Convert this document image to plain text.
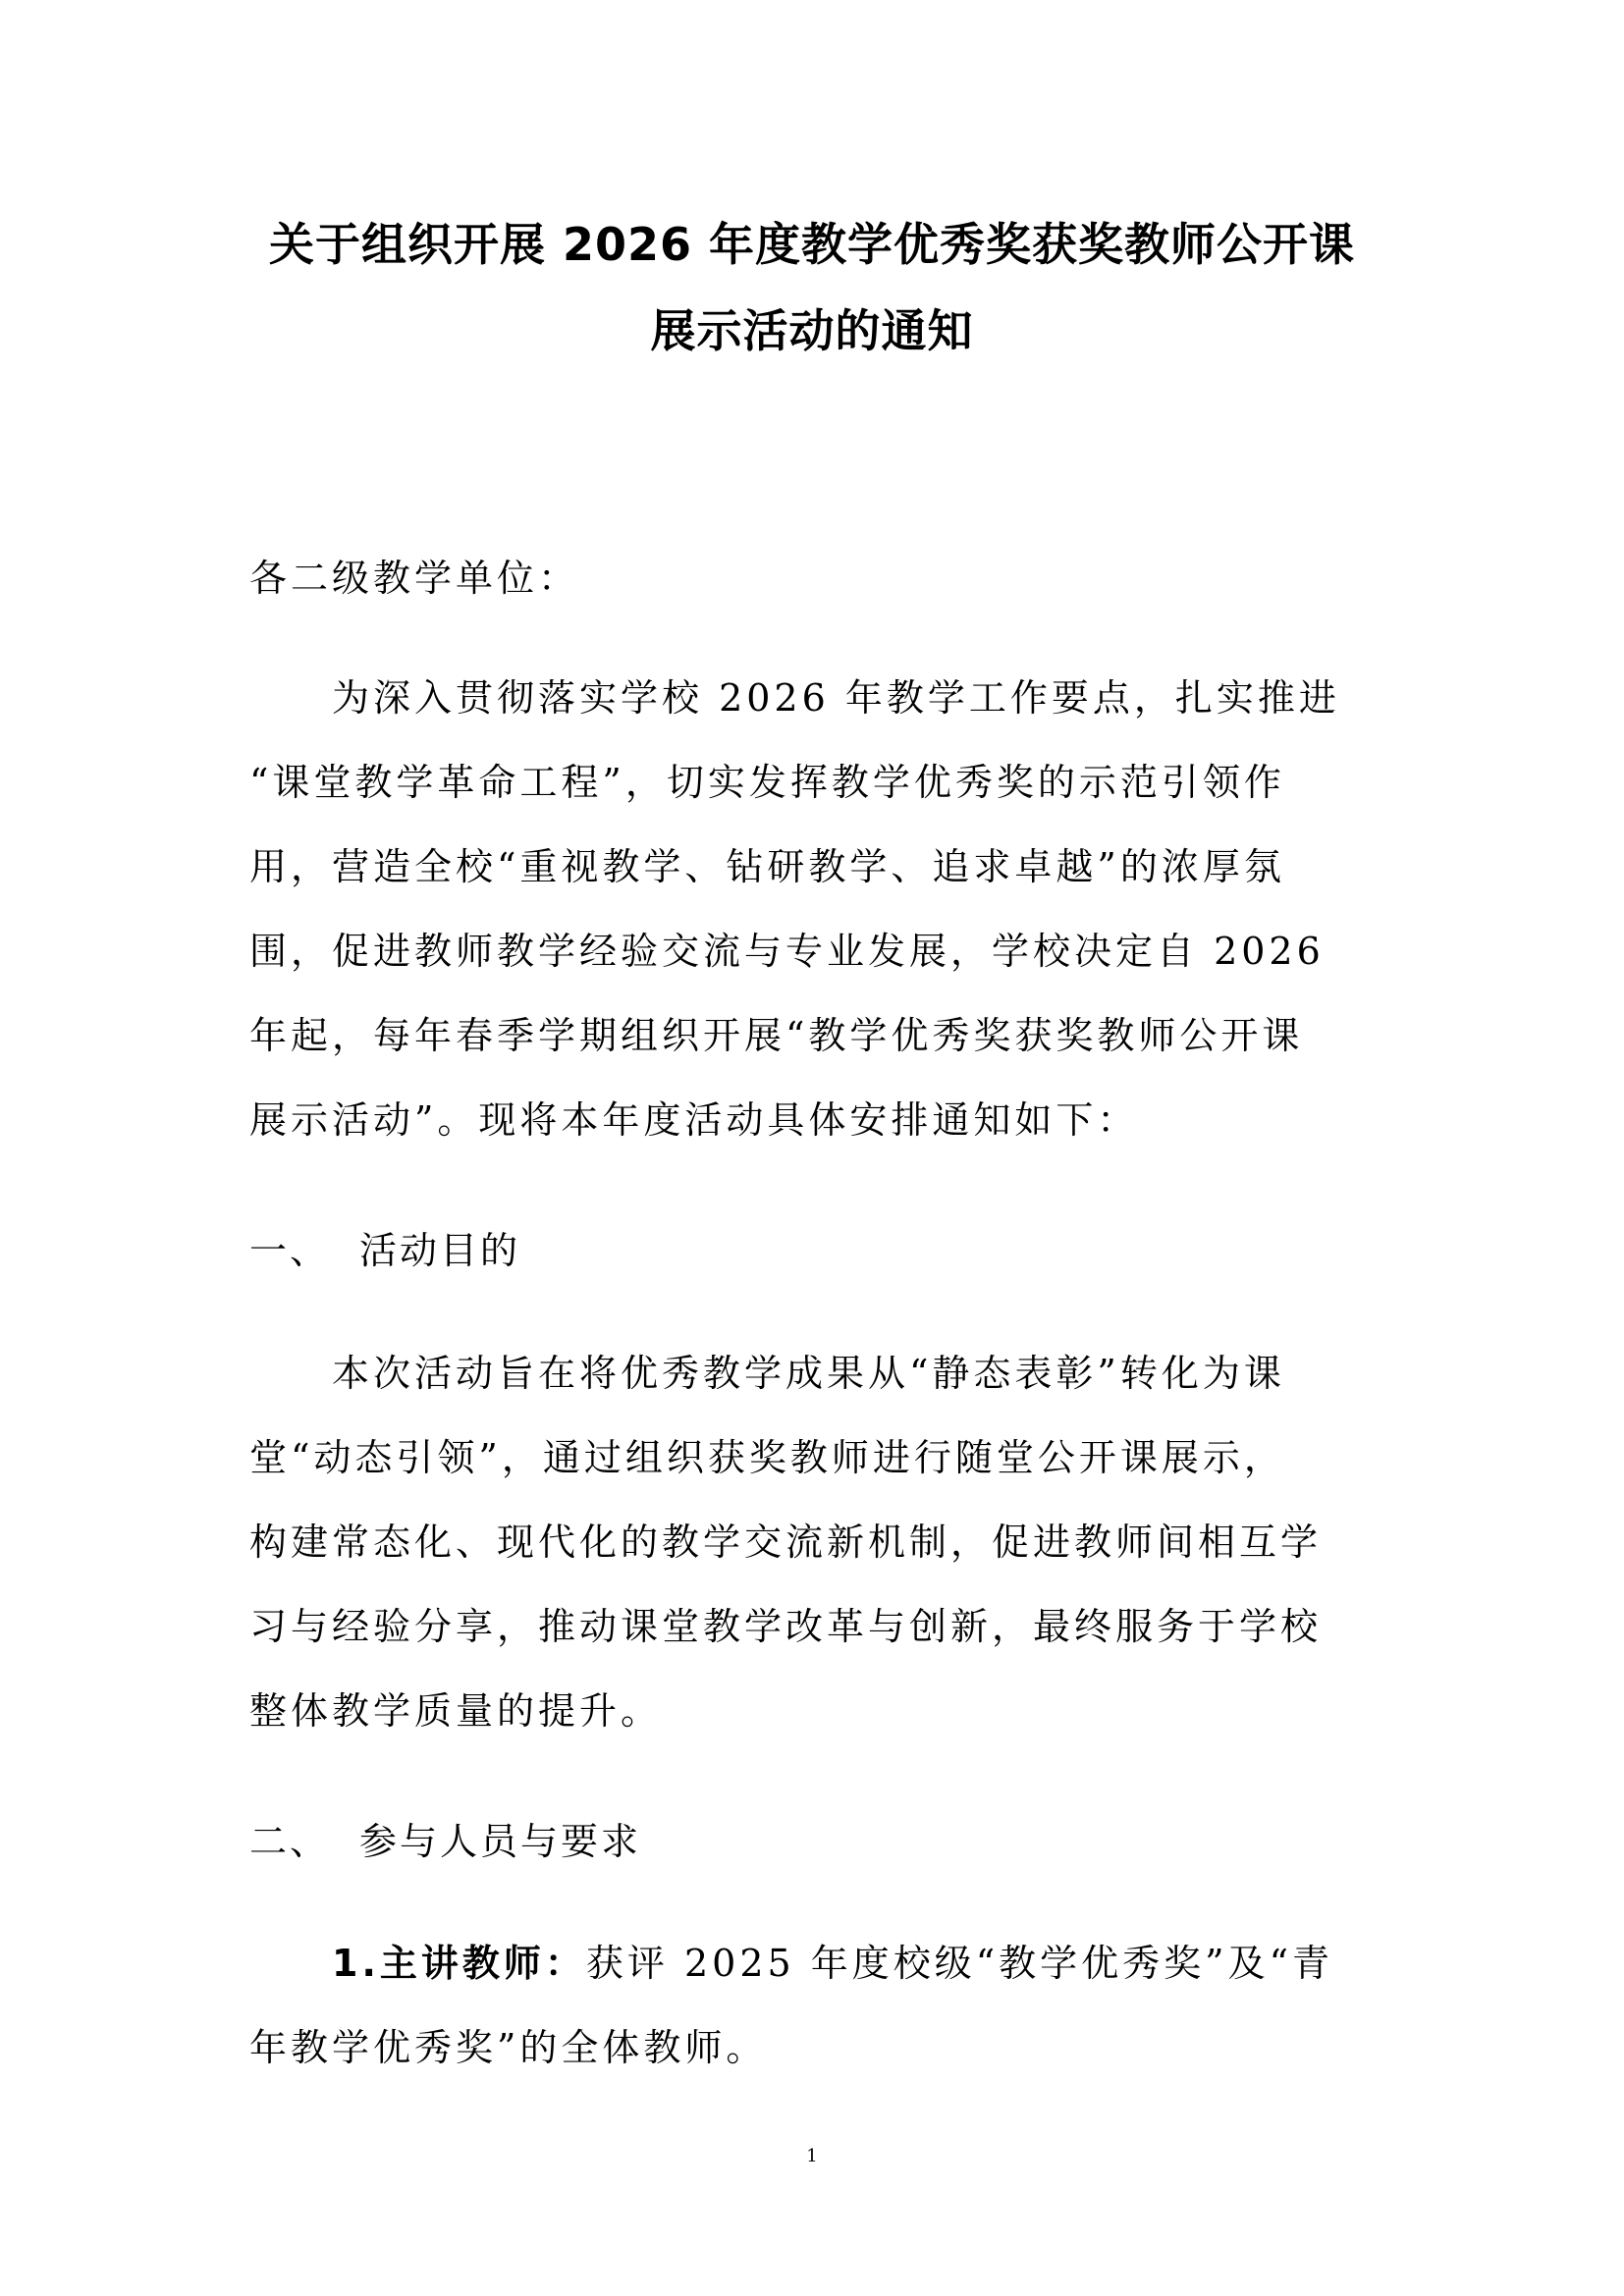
关于组织开展 2026 年度教学优秀奖获奖教师公开课
展示活动的通知
各二级教学单位：
为深入贯彻落实学校 2026 年教学工作要点，扎实推进
“课堂教学革命工程”，切实发挥教学优秀奖的示范引领作
用，营造全校“重视教学、钻研教学、追求卓越”的浓厚氛
围，促进教师教学经验交流与专业发展，学校决定自 2026
年起，每年春季学期组织开展“教学优秀奖获奖教师公开课
展示活动”。现将本年度活动具体安排通知如下：
一、 活动目的
本次活动旨在将优秀教学成果从“静态表彰”转化为课
堂“动态引领”，通过组织获奖教师进行随堂公开课展示，
构建常态化、现代化的教学交流新机制，促进教师间相互学
习与经验分享，推动课堂教学改革与创新，最终服务于学校
整体教学质量的提升。
二、 参与人员与要求
1.主讲教师：获评 2025 年度校级“教学优秀奖”及“青
年教学优秀奖”的全体教师。
1
